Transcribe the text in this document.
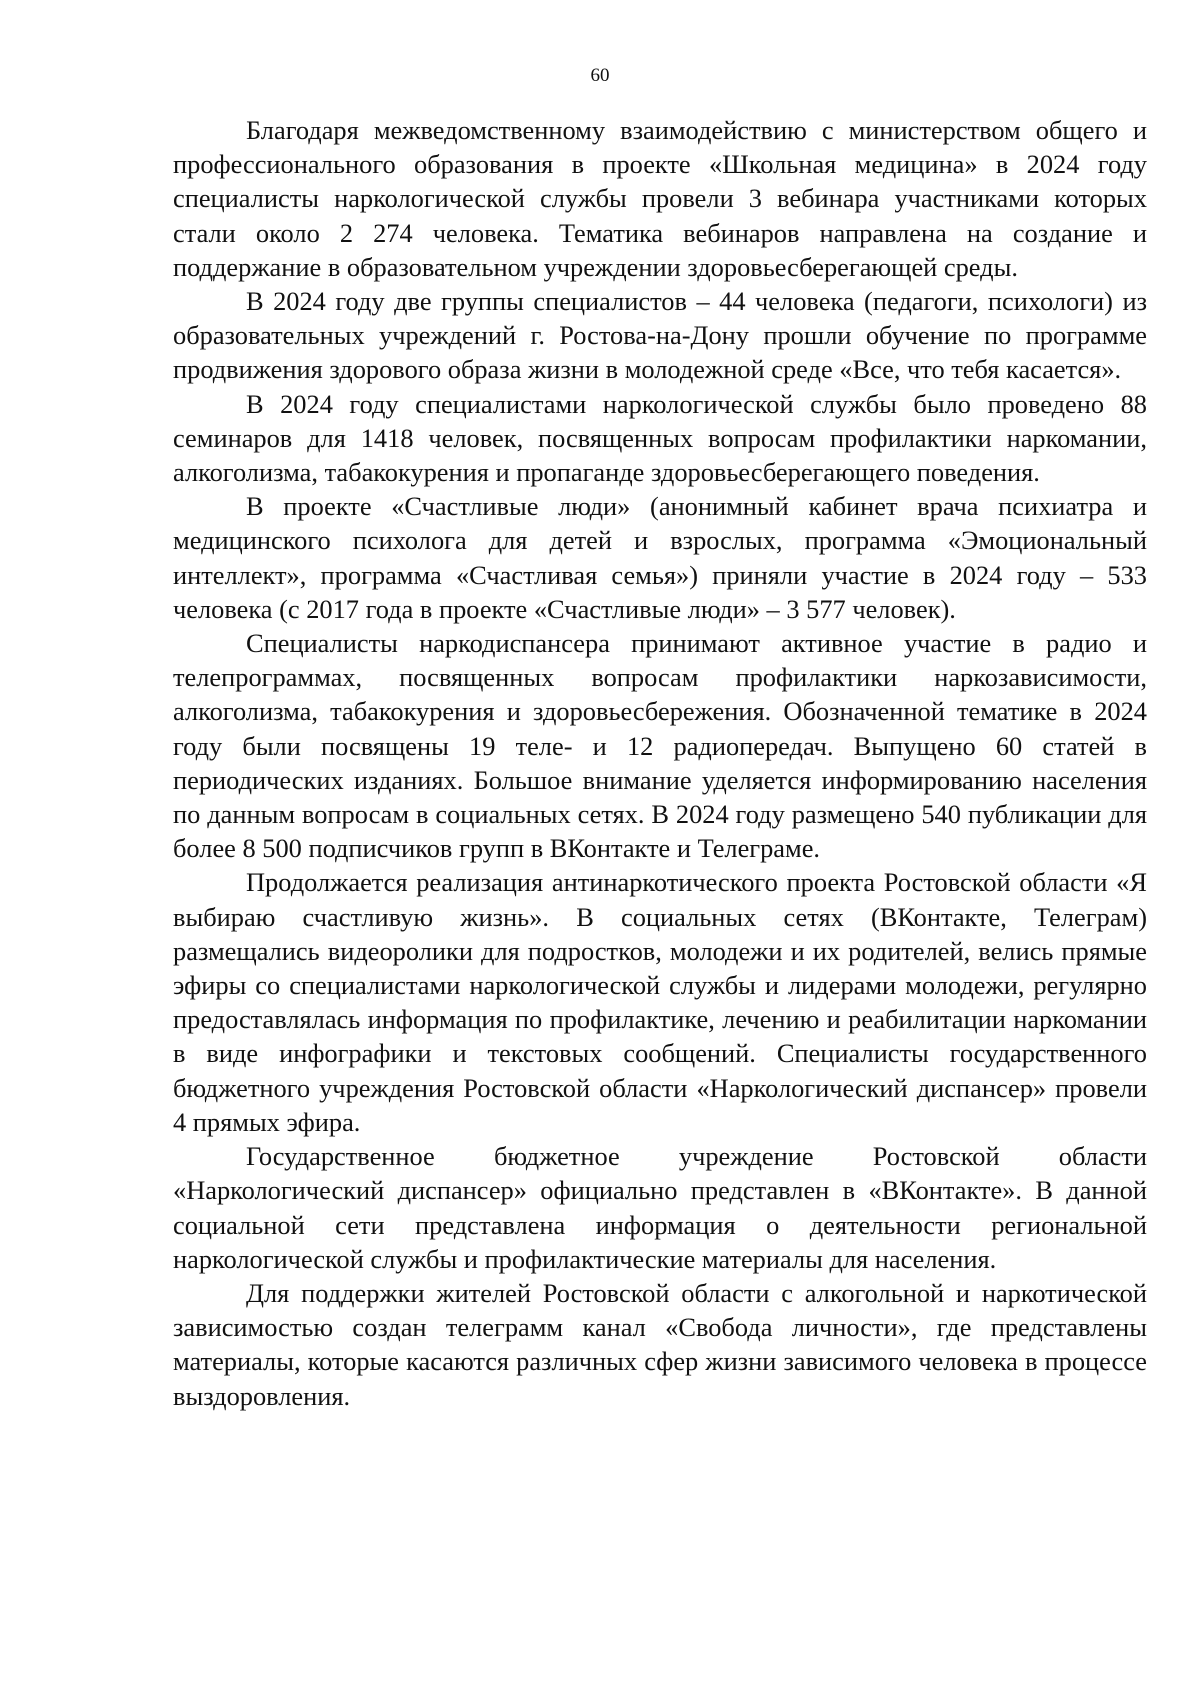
60

Благодаря межведомственному взаимодействию с министерством общего и профессионального образования в проекте «Школьная медицина» в 2024 году специалисты наркологической службы провели 3 вебинара участниками которых стали около 2 274 человека. Тематика вебинаров направлена на создание и поддержание в образовательном учреждении здоровьесберегающей среды.

В 2024 году две группы специалистов – 44 человека (педагоги, психологи) из образовательных учреждений г. Ростова-на-Дону прошли обучение по программе продвижения здорового образа жизни в молодежной среде «Все, что тебя касается».

В 2024 году специалистами наркологической службы было проведено 88 семинаров для 1418 человек, посвященных вопросам профилактики наркомании, алкоголизма, табакокурения и пропаганде здоровьесберегающего поведения.

В проекте «Счастливые люди» (анонимный кабинет врача психиатра и медицинского психолога для детей и взрослых, программа «Эмоциональный интеллект», программа «Счастливая семья») приняли участие в 2024 году – 533 человека (с 2017 года в проекте «Счастливые люди» – 3 577 человек).

Специалисты наркодиспансера принимают активное участие в радио и телепрограммах, посвященных вопросам профилактики наркозависимости, алкоголизма, табакокурения и здоровьесбережения. Обозначенной тематике в 2024 году были посвящены 19 теле- и 12 радиопередач. Выпущено 60 статей в периодических изданиях. Большое внимание уделяется информированию населения по данным вопросам в социальных сетях. В 2024 году размещено 540 публикации для более 8 500 подписчиков групп в ВКонтакте и Телеграме.

Продолжается реализация антинаркотического проекта Ростовской области «Я выбираю счастливую жизнь». В социальных сетях (ВКонтакте, Телеграм) размещались видеоролики для подростков, молодежи и их родителей, велись прямые эфиры со специалистами наркологической службы и лидерами молодежи, регулярно предоставлялась информация по профилактике, лечению и реабилитации наркомании в виде инфографики и текстовых сообщений. Специалисты государственного бюджетного учреждения Ростовской области «Наркологический диспансер» провели 4 прямых эфира.

Государственное бюджетное учреждение Ростовской области «Наркологический диспансер» официально представлен в «ВКонтакте». В данной социальной сети представлена информация о деятельности региональной наркологической службы и профилактические материалы для населения.

Для поддержки жителей Ростовской области с алкогольной и наркотической зависимостью создан телеграмм канал «Свобода личности», где представлены материалы, которые касаются различных сфер жизни зависимого человека в процессе выздоровления.
